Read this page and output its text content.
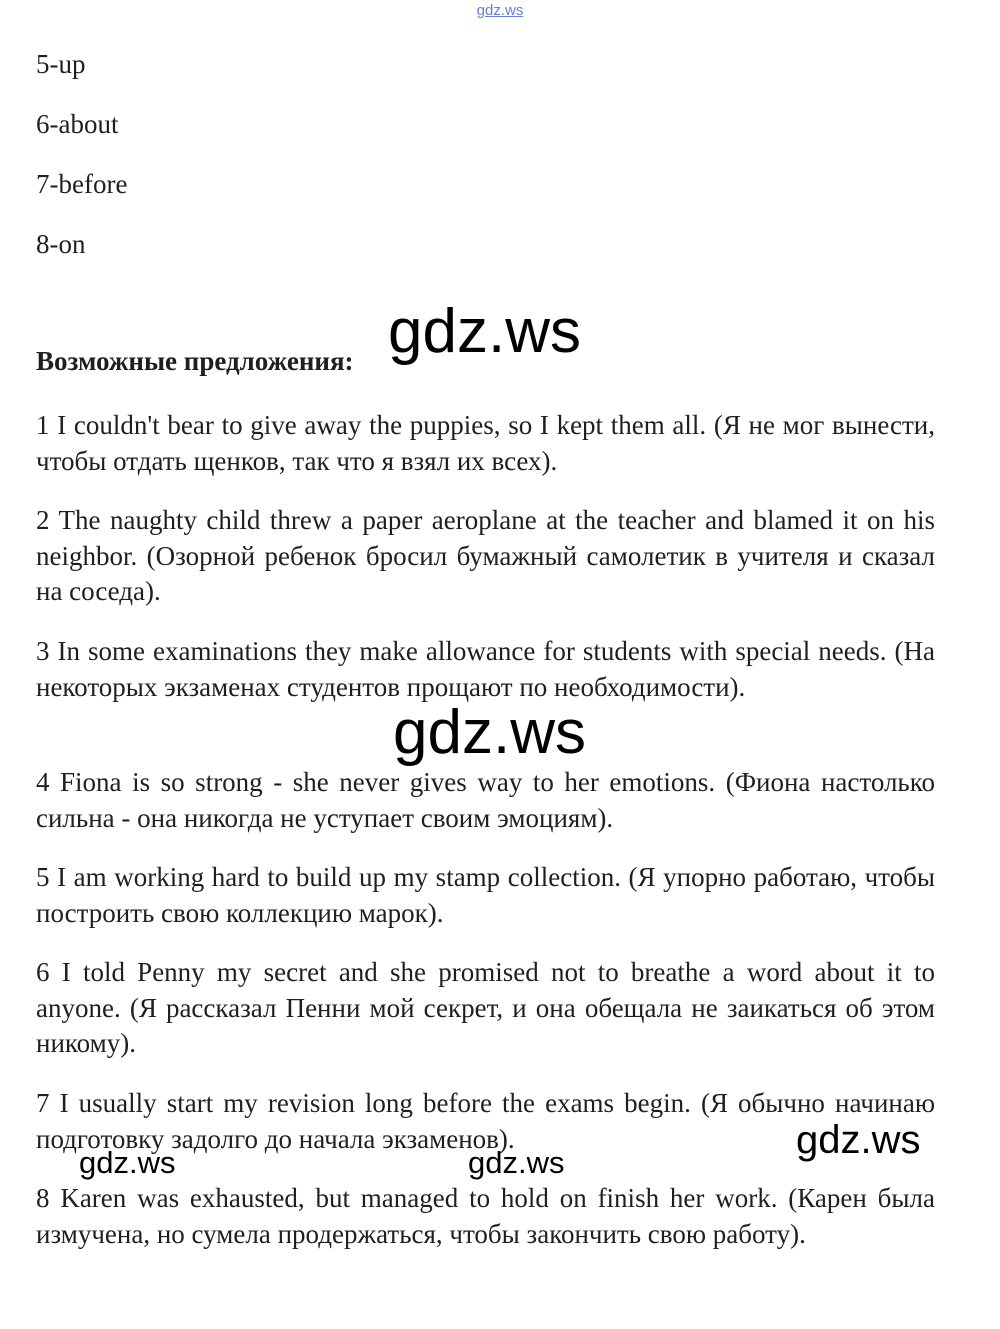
gdz.ws
5-up
6-about
7-before
8-on
Возможные предложения:
1 I couldn't bear to give away the puppies, so I kept them all. (Я не мог вынести, чтобы отдать щенков, так что я взял их всех).
2 The naughty child threw a paper aeroplane at the teacher and blamed it on his neighbor. (Озорной ребенок бросил бумажный самолетик в учителя и сказал на соседа).
3 In some examinations they make allowance for students with special needs. (На некоторых экзаменах студентов прощают по необходимости).
4 Fiona is so strong - she never gives way to her emotions. (Фиона настолько сильна - она никогда не уступает своим эмоциям).
5 I am working hard to build up my stamp collection. (Я упорно работаю, чтобы построить свою коллекцию марок).
6 I told Penny my secret and she promised not to breathe a word about it to anyone. (Я рассказал Пенни мой секрет, и она обещала не заикаться об этом никому).
7 I usually start my revision long before the exams begin. (Я обычно начинаю подготовку задолго до начала экзаменов).
8 Karen was exhausted, but managed to hold on finish her work. (Карен была измучена, но сумела продержаться, чтобы закончить свою работу).
gdz.ws
gdz.ws
gdz.ws
gdz.ws	gdz.ws
